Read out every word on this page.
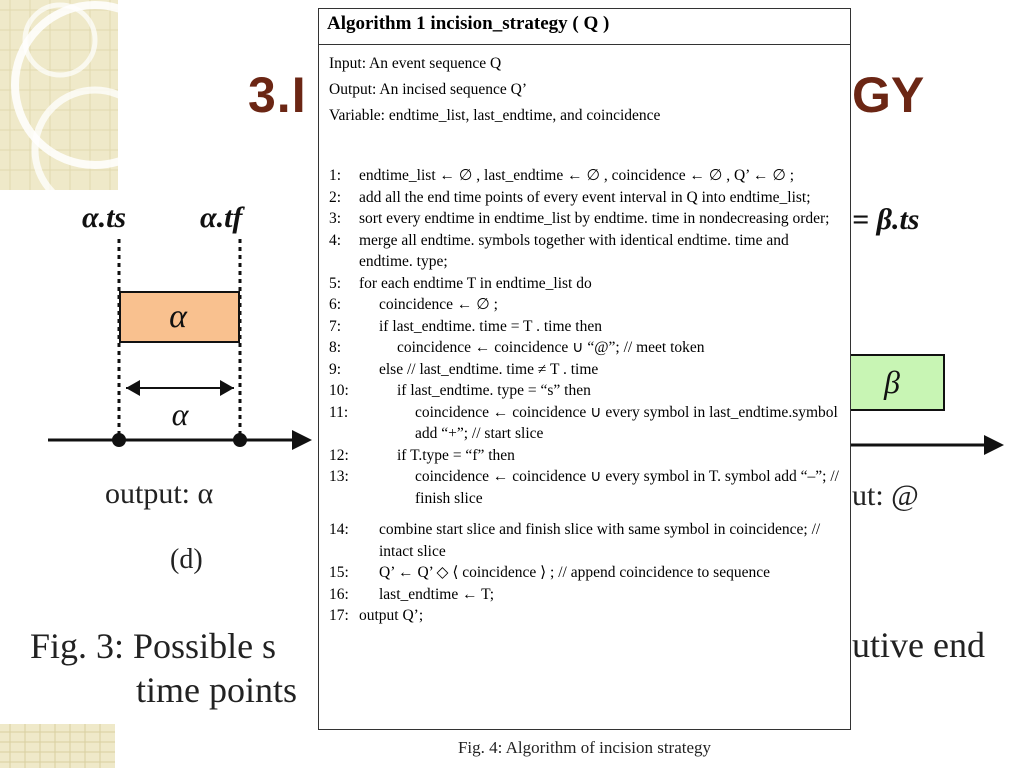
3.I	GY
α.ts α.tf
α
α
output: α
(d)
= β.ts
β
ut: @
Fig. 3: Possible s
time points
utive end
Algorithm 1 incision_strategy ( Q )
Input: An event sequence Q
Output: An incised sequence Q’
Variable: endtime_list, last_endtime, and coincidence
1:	endtime_list ← ∅ , last_endtime ← ∅ , coincidence ← ∅ , Q’ ← ∅ ;
2:	add all the end time points of every event interval in Q into endtime_list;
3:	sort every endtime in endtime_list by endtime. time in nondecreasing order;
4:	merge all endtime. symbols together with identical endtime. time and endtime. type;
5:	for each endtime T in endtime_list do
6:	coincidence ← ∅ ;
7:	if last_endtime. time = T . time then
8:	coincidence ← coincidence ∪ “@”; // meet token
9:	else // last_endtime. time ≠ T . time
10:	if last_endtime. type = “s” then
11:	coincidence ← coincidence ∪ every symbol in last_endtime.symbol add “+”; // start slice
12:	if T.type = “f” then
13:	coincidence ← coincidence ∪ every symbol in T. symbol add “–”; // finish slice
14:	combine start slice and finish slice with same symbol in coincidence; // intact slice
15:	Q’ ← Q’ ◇ ⟨ coincidence ⟩ ; // append coincidence to sequence
16:	last_endtime ← T;
17: output Q’;
Fig. 4: Algorithm of incision strategy
